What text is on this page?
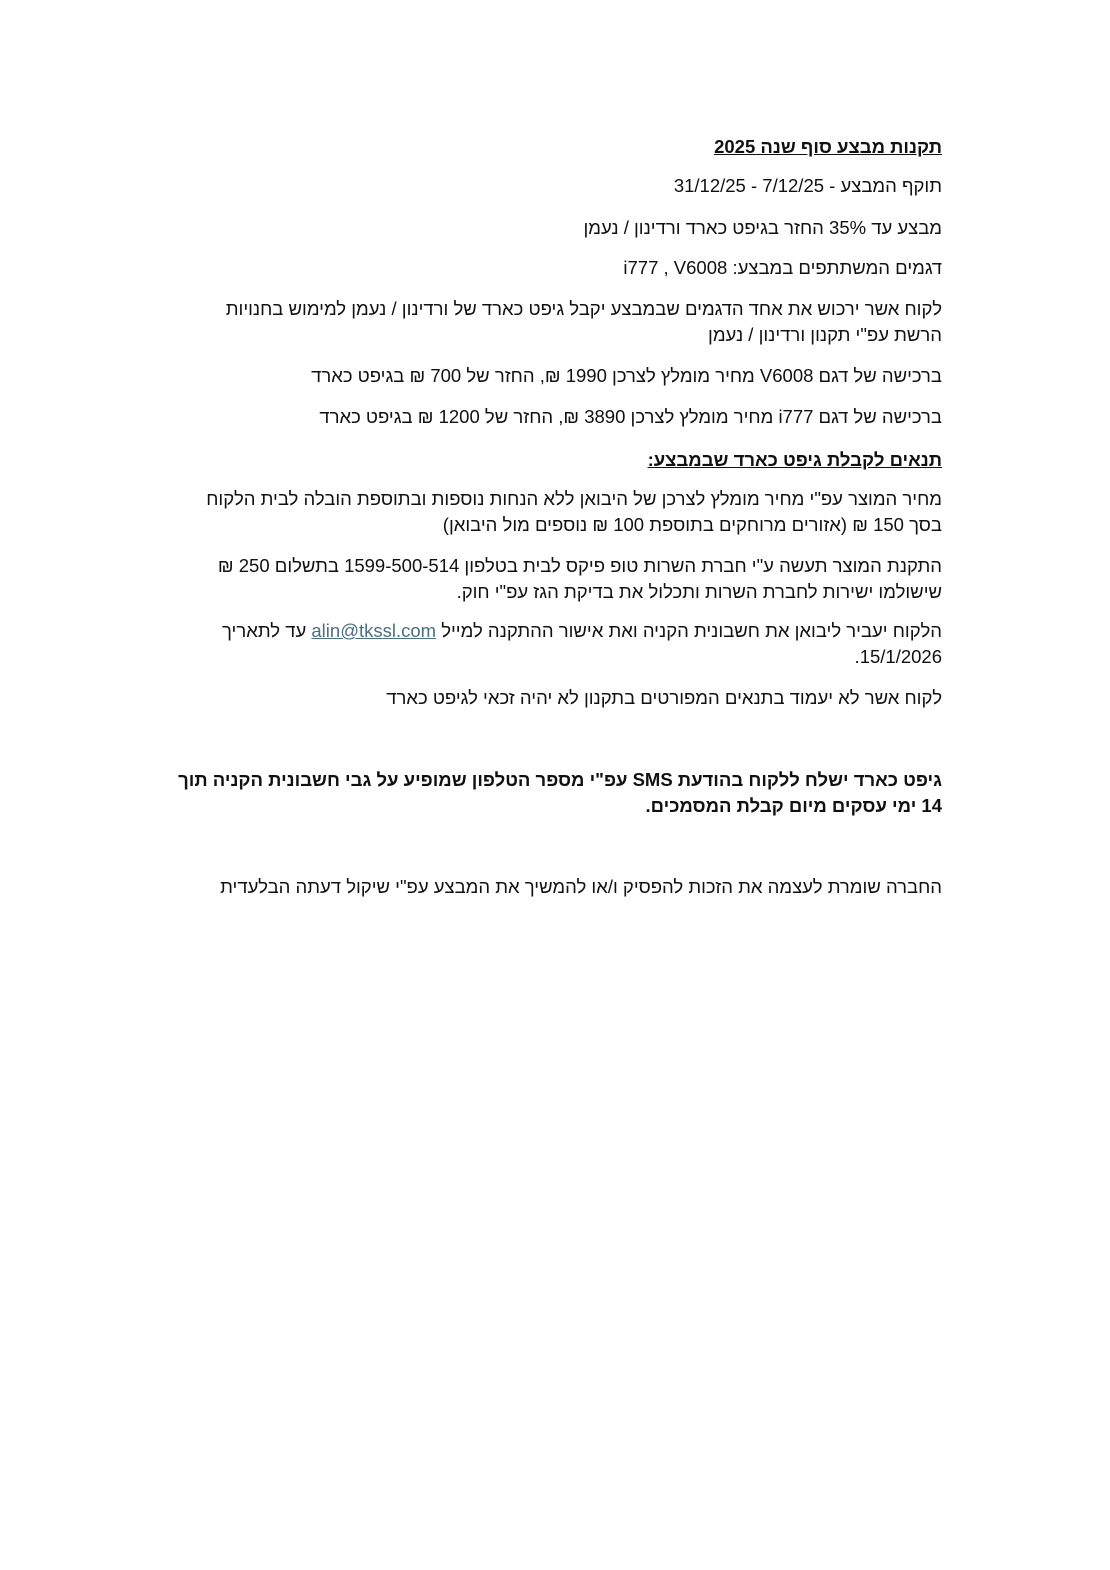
תקנות מבצע סוף שנה 2025
תוקף המבצע - 7/12/25 - 31/12/25
מבצע עד 35% החזר בגיפט כארד ורדינון / נעמן
דגמים המשתתפים במבצע: i777 , V6008
לקוח אשר ירכוש את אחד הדגמים שבמבצע יקבל גיפט כארד של ורדינון / נעמן למימוש בחנויות
הרשת עפ"י תקנון ורדינון / נעמן
ברכישה של דגם V6008 מחיר מומלץ לצרכן 1990 ₪, החזר של 700 ₪ בגיפט כארד
ברכישה של דגם i777 מחיר מומלץ לצרכן 3890 ₪, החזר של 1200 ₪ בגיפט כארד
תנאים לקבלת גיפט כארד שבמבצע:
מחיר המוצר עפ"י מחיר מומלץ לצרכן של היבואן ללא הנחות נוספות ובתוספת הובלה לבית הלקוח
בסך 150 ₪ (אזורים מרוחקים בתוספת 100 ₪ נוספים מול היבואן)
התקנת המוצר תעשה ע"י חברת השרות טופ פיקס לבית בטלפון 1599-500-514 בתשלום 250 ₪
שישולמו ישירות לחברת השרות ותכלול את בדיקת הגז עפ"י חוק.
הלקוח יעביר ליבואן את חשבונית הקניה ואת אישור ההתקנה למייל alin@tkssl.com עד לתאריך
15/1/2026.
לקוח אשר לא יעמוד בתנאים המפורטים בתקנון לא יהיה זכאי לגיפט כארד
גיפט כארד ישלח ללקוח בהודעת SMS עפ"י מספר הטלפון שמופיע על גבי חשבונית הקניה תוך
14 ימי עסקים מיום קבלת המסמכים.
החברה שומרת לעצמה את הזכות להפסיק ו/או להמשיך את המבצע עפ"י שיקול דעתה הבלעדית
